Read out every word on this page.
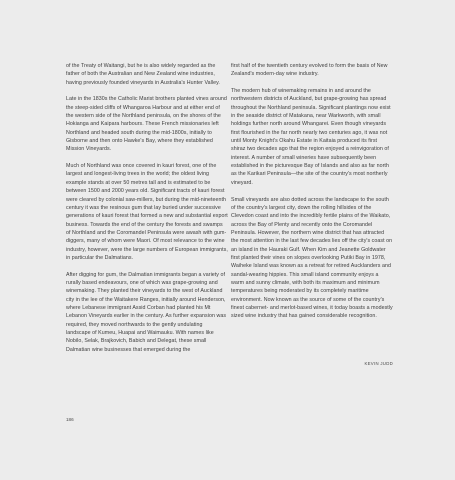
of the Treaty of Waitangi, but he is also widely regarded as the father of both the Australian and New Zealand wine industries, having previously founded vineyards in Australia's Hunter Valley.

Late in the 1830s the Catholic Marist brothers planted vines around the steep-sided cliffs of Whangaroa Harbour and at either end of the western side of the Northland peninsula, on the shores of the Hokianga and Kaipara harbours. These French missionaries left Northland and headed south during the mid-1800s, initially to Gisborne and then onto Hawke's Bay, where they established Mission Vineyards.

Much of Northland was once covered in kauri forest, one of the largest and longest-living trees in the world; the oldest living example stands at over 50 metres tall and is estimated to be between 1500 and 2000 years old. Significant tracts of kauri forest were cleared by colonial saw-millers, but during the mid-nineteenth century it was the resinous gum that lay buried under successive generations of kauri forest that formed a new and substantial export business. Towards the end of the century the forests and swamps of Northland and the Coromandel Peninsula were awash with gum-diggers, many of whom were Maori. Of most relevance to the wine industry, however, were the large numbers of European immigrants, in particular the Dalmatians.

After digging for gum, the Dalmatian immigrants began a variety of rurally based endeavours, one of which was grape-growing and winemaking. They planted their vineyards to the west of Auckland city in the lee of the Waitakere Ranges, initially around Henderson, where Lebanese immigrant Assid Corban had planted his Mt Lebanon Vineyards earlier in the century. As further expansion was required, they moved northwards to the gently undulating landscape of Kumeu, Huapai and Waimauku. With names like Nobilo, Selak, Brajkovich, Babich and Delegat, these small Dalmatian wine businesses that emerged during the

first half of the twentieth century evolved to form the basis of New Zealand's modern-day wine industry.

The modern hub of winemaking remains in and around the northwestern districts of Auckland, but grape-growing has spread throughout the Northland peninsula. Significant plantings now exist in the seaside district of Matakana, near Warkworth, with small holdings further north around Whangarei. Even though vineyards first flourished in the far north nearly two centuries ago, it was not until Monty Knight's Okahu Estate in Kaitaia produced its first shiraz two decades ago that the region enjoyed a reinvigoration of interest. A number of small wineries have subsequently been established in the picturesque Bay of Islands and also as far north as the Karikari Peninsula—the site of the country's most northerly vineyard.

Small vineyards are also dotted across the landscape to the south of the country's largest city, down the rolling hillsides of the Clevedon coast and into the incredibly fertile plains of the Waikato, across the Bay of Plenty and recently onto the Coromandel Peninsula. However, the northern wine district that has attracted the most attention in the last few decades lies off the city's coast on an island in the Hauraki Gulf. When Kim and Jeanette Goldwater first planted their vines on slopes overlooking Putiki Bay in 1978, Waiheke Island was known as a retreat for retired Aucklanders and sandal-wearing hippies. This small island community enjoys a warm and sunny climate, with both its maximum and minimum temperatures being moderated by its completely maritime environment. Now known as the source of some of the country's finest cabernet- and merlot-based wines, it today boasts a modestly sized wine industry that has gained considerable recognition.

KEVIN JUDD
186
